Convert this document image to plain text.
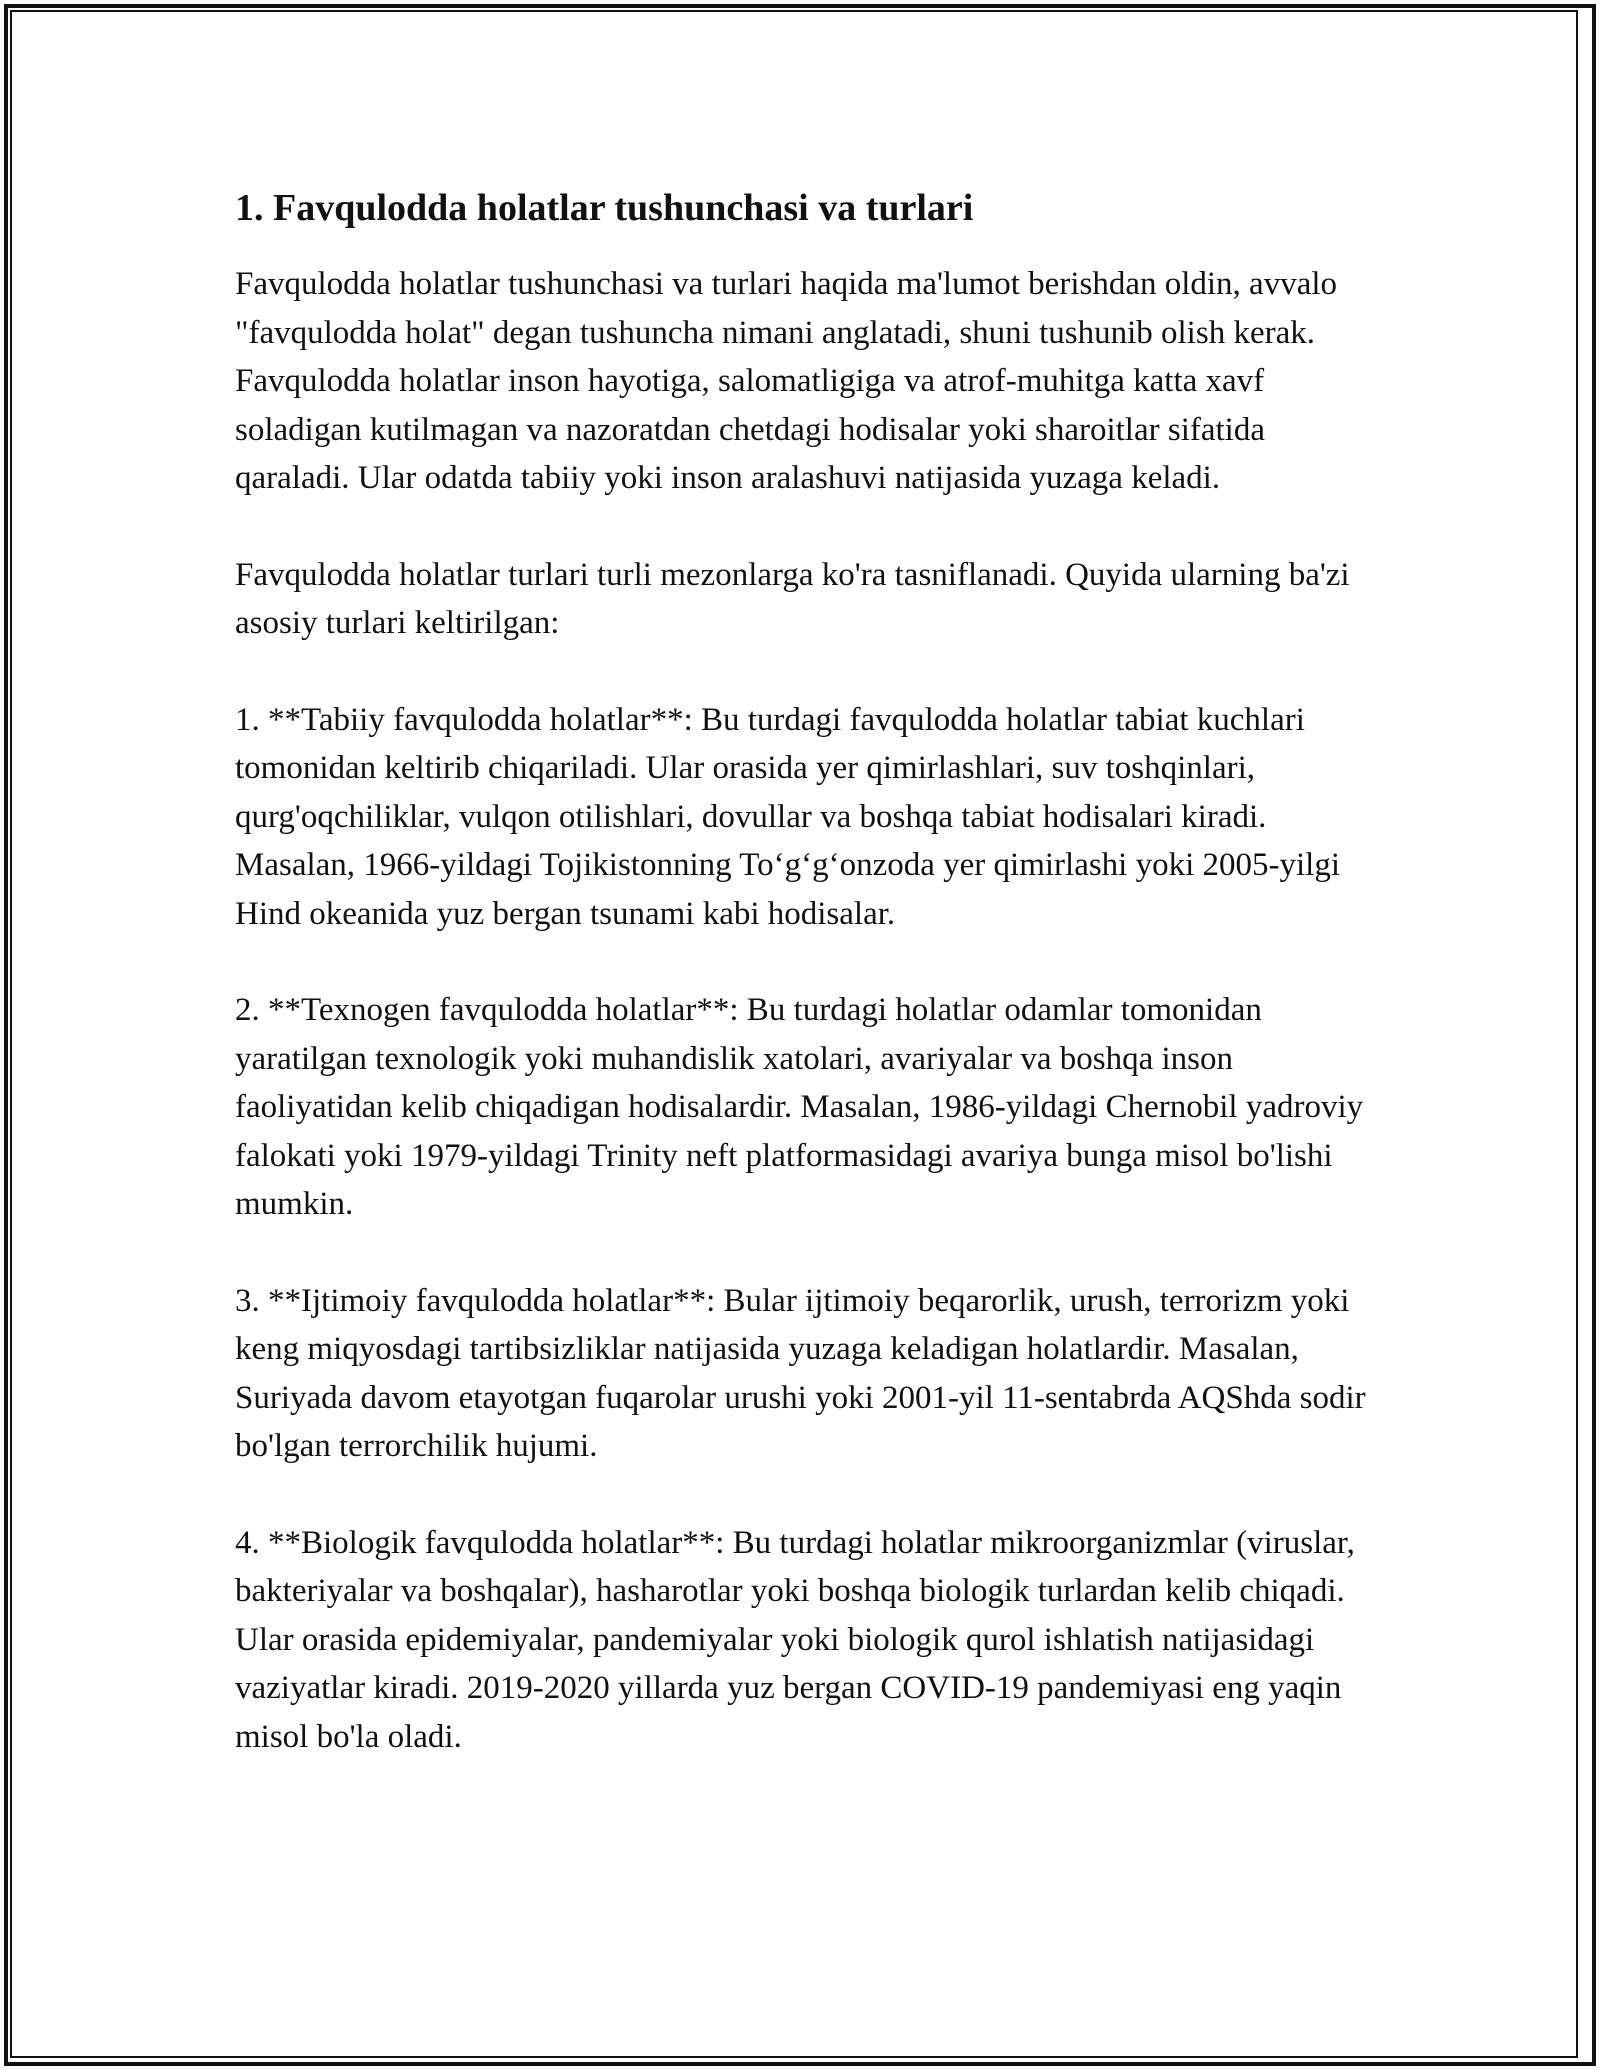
1. Favqulodda holatlar tushunchasi va turlari

Favqulodda holatlar tushunchasi va turlari haqida ma'lumot berishdan oldin, avvalo "favqulodda holat" degan tushuncha nimani anglatadi, shuni tushunib olish kerak. Favqulodda holatlar inson hayotiga, salomatligiga va atrof-muhitga katta xavf soladigan kutilmagan va nazoratdan chetdagi hodisalar yoki sharoitlar sifatida qaraladi. Ular odatda tabiiy yoki inson aralashuvi natijasida yuzaga keladi.

Favqulodda holatlar turlari turli mezonlarga ko'ra tasniflanadi. Quyida ularning ba'zi asosiy turlari keltirilgan:

1. **Tabiiy favqulodda holatlar**: Bu turdagi favqulodda holatlar tabiat kuchlari tomonidan keltirib chiqariladi. Ular orasida yer qimirlashlari, suv toshqinlari, qurg'oqchiliklar, vulqon otilishlari, dovullar va boshqa tabiat hodisalari kiradi. Masalan, 1966-yildagi Tojikistonning To‘g‘g‘onzoda yer qimirlashi yoki 2005-yilgi Hind okeanida yuz bergan tsunami kabi hodisalar.

2. **Texnogen favqulodda holatlar**: Bu turdagi holatlar odamlar tomonidan yaratilgan texnologik yoki muhandislik xatolari, avariyalar va boshqa inson faoliyatidan kelib chiqadigan hodisalardir. Masalan, 1986-yildagi Chernobil yadroviy falokati yoki 1979-yildagi Trinity neft platformasidagi avariya bunga misol bo'lishi mumkin.

3. **Ijtimoiy favqulodda holatlar**: Bular ijtimoiy beqarorlik, urush, terrorizm yoki keng miqyosdagi tartibsizliklar natijasida yuzaga keladigan holatlardir. Masalan, Suriyada davom etayotgan fuqarolar urushi yoki 2001-yil 11-sentabrda AQShda sodir bo'lgan terrorchilik hujumi.

4. **Biologik favqulodda holatlar**: Bu turdagi holatlar mikroorganizmlar (viruslar, bakteriyalar va boshqalar), hasharotlar yoki boshqa biologik turlardan kelib chiqadi. Ular orasida epidemiyalar, pandemiyalar yoki biologik qurol ishlatish natijasidagi vaziyatlar kiradi. 2019-2020 yillarda yuz bergan COVID-19 pandemiyasi eng yaqin misol bo'la oladi.
